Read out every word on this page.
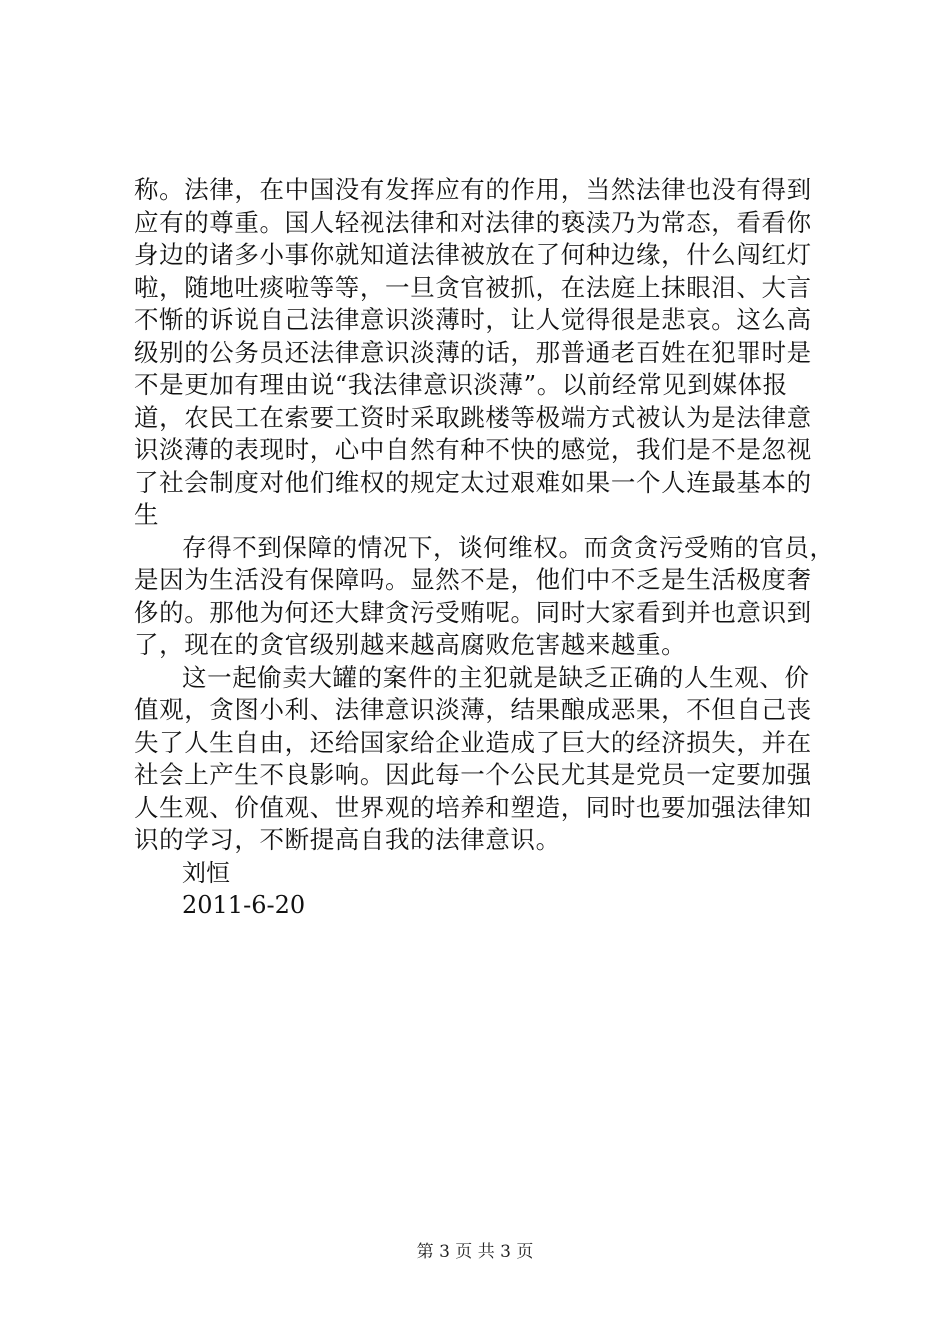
称。法律，在中国没有发挥应有的作用，当然法律也没有得到
应有的尊重。国人轻视法律和对法律的亵渎乃为常态，看看你
身边的诸多小事你就知道法律被放在了何种边缘，什么闯红灯
啦，随地吐痰啦等等，一旦贪官被抓，在法庭上抹眼泪、大言
不惭的诉说自己法律意识淡薄时，让人觉得很是悲哀。这么高
级别的公务员还法律意识淡薄的话，那普通老百姓在犯罪时是
不是更加有理由说“我法律意识淡薄”。以前经常见到媒体报
道，农民工在索要工资时采取跳楼等极端方式被认为是法律意
识淡薄的表现时，心中自然有种不快的感觉，我们是不是忽视
了社会制度对他们维权的规定太过艰难如果一个人连最基本的
生
存得不到保障的情况下，谈何维权。而贪贪污受贿的官员，
是因为生活没有保障吗。显然不是，他们中不乏是生活极度奢
侈的。那他为何还大肆贪污受贿呢。同时大家看到并也意识到
了，现在的贪官级别越来越高腐败危害越来越重。
这一起偷卖大罐的案件的主犯就是缺乏正确的人生观、价
值观，贪图小利、法律意识淡薄，结果酿成恶果，不但自己丧
失了人生自由，还给国家给企业造成了巨大的经济损失，并在
社会上产生不良影响。因此每一个公民尤其是党员一定要加强
人生观、价值观、世界观的培养和塑造，同时也要加强法律知
识的学习，不断提高自我的法律意识。
刘恒
2011-6-20
第 3 页 共 3 页
